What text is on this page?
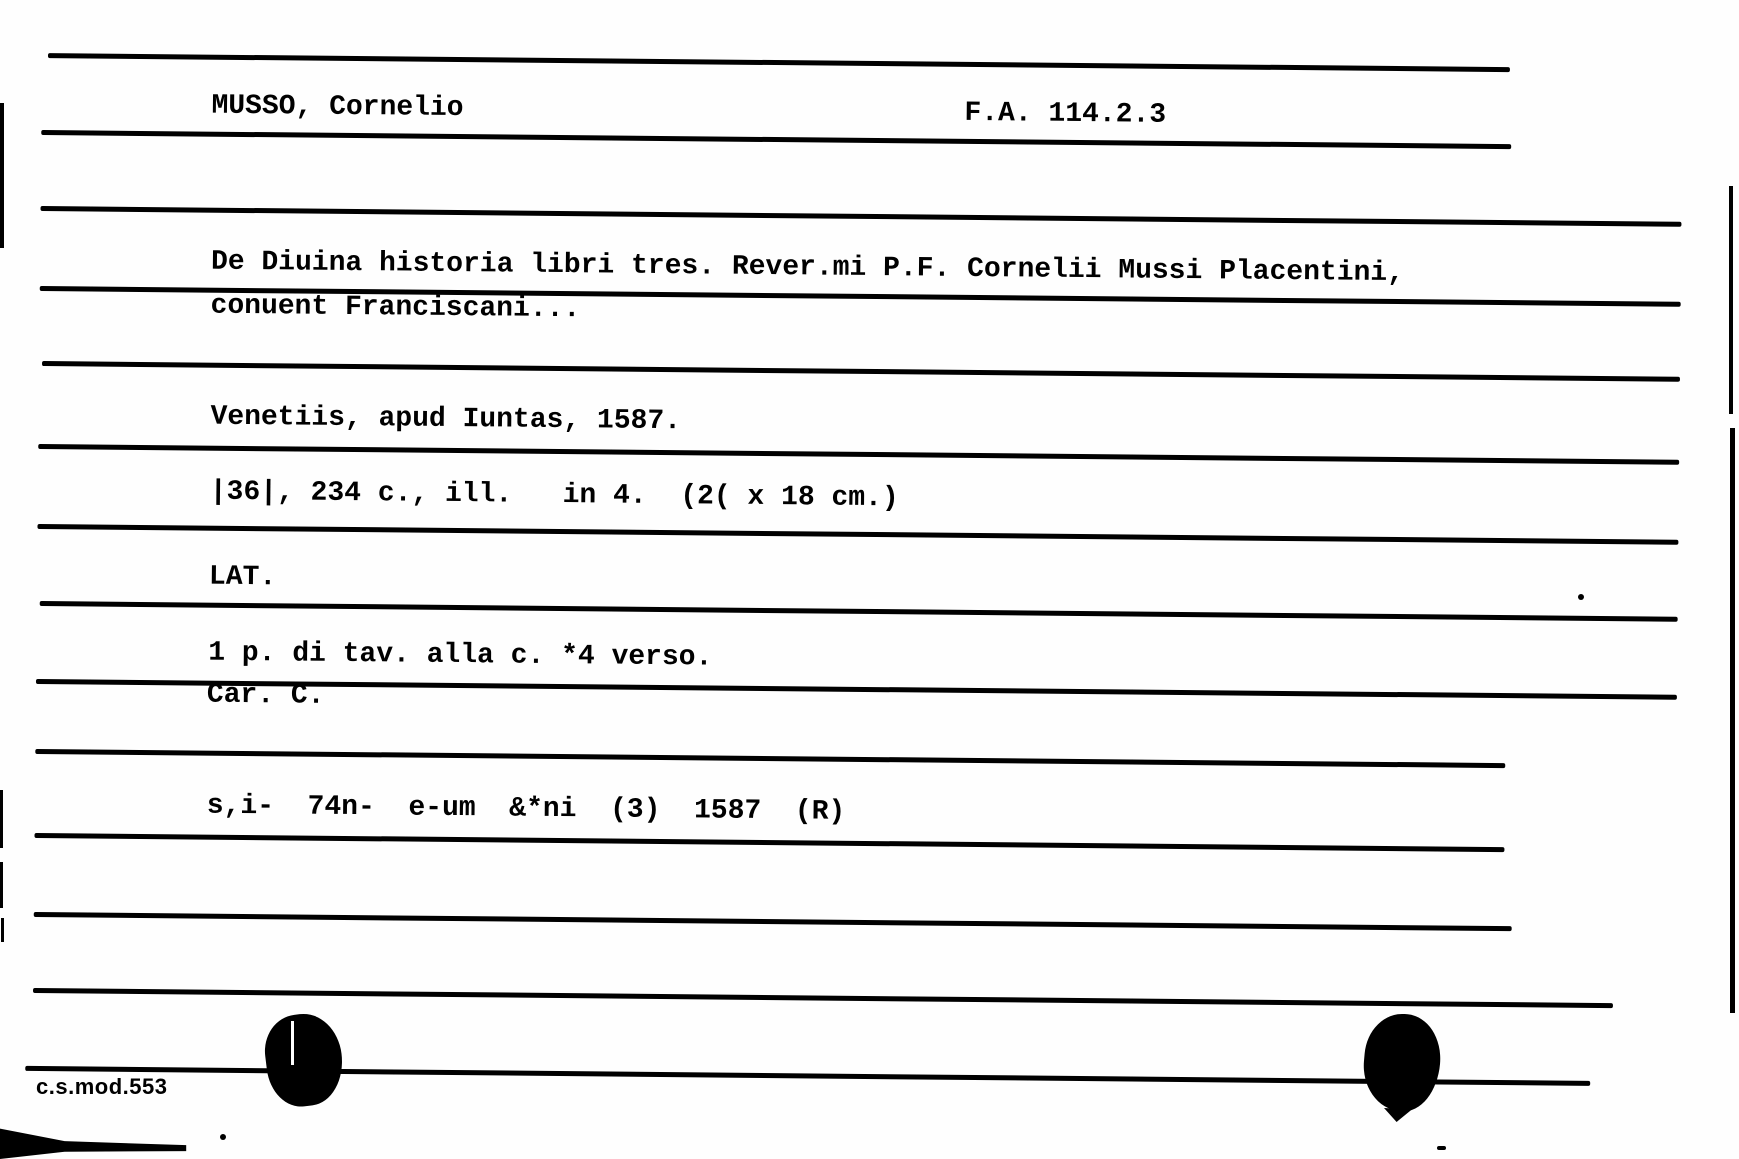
MUSSO, Cornelio	F.A. 114.2.3
De Diuina historia libri tres. Rever.mi P.F. Cornelii Mussi Placentini,
conuent Franciscani...
Venetiis, apud Iuntas, 1587.
|36|, 234 c., ill.   in 4.  (2( x 18 cm.)
LAT.
1 p. di tav. alla c. *4 verso.
Car. C.
s,i-  74n-  e-um  &*ni  (3)  1587  (R)
c.s.mod.553
